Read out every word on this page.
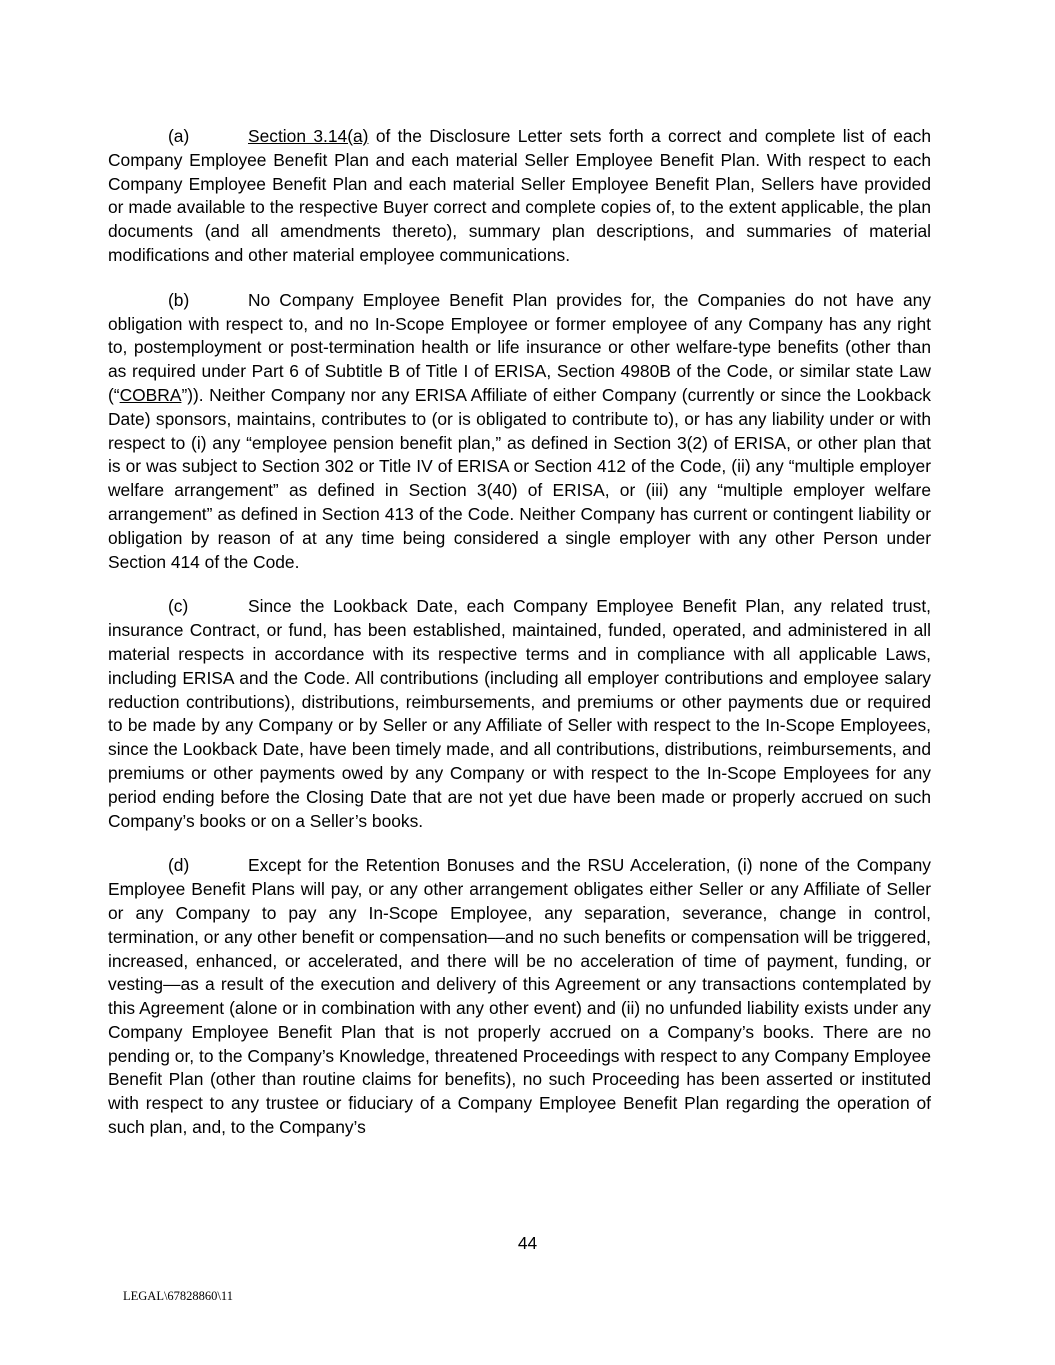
(a)	Section 3.14(a) of the Disclosure Letter sets forth a correct and complete list of each Company Employee Benefit Plan and each material Seller Employee Benefit Plan. With respect to each Company Employee Benefit Plan and each material Seller Employee Benefit Plan, Sellers have provided or made available to the respective Buyer correct and complete copies of, to the extent applicable, the plan documents (and all amendments thereto), summary plan descriptions, and summaries of material modifications and other material employee communications.

(b)	No Company Employee Benefit Plan provides for, the Companies do not have any obligation with respect to, and no In-Scope Employee or former employee of any Company has any right to, postemployment or post-termination health or life insurance or other welfare-type benefits (other than as required under Part 6 of Subtitle B of Title I of ERISA, Section 4980B of the Code, or similar state Law (“COBRA”)). Neither Company nor any ERISA Affiliate of either Company (currently or since the Lookback Date) sponsors, maintains, contributes to (or is obligated to contribute to), or has any liability under or with respect to (i) any “employee pension benefit plan,” as defined in Section 3(2) of ERISA, or other plan that is or was subject to Section 302 or Title IV of ERISA or Section 412 of the Code, (ii) any “multiple employer welfare arrangement” as defined in Section 3(40) of ERISA, or (iii) any “multiple employer welfare arrangement” as defined in Section 413 of the Code. Neither Company has current or contingent liability or obligation by reason of at any time being considered a single employer with any other Person under Section 414 of the Code.

(c)	Since the Lookback Date, each Company Employee Benefit Plan, any related trust, insurance Contract, or fund, has been established, maintained, funded, operated, and administered in all material respects in accordance with its respective terms and in compliance with all applicable Laws, including ERISA and the Code. All contributions (including all employer contributions and employee salary reduction contributions), distributions, reimbursements, and premiums or other payments due or required to be made by any Company or by Seller or any Affiliate of Seller with respect to the In-Scope Employees, since the Lookback Date, have been timely made, and all contributions, distributions, reimbursements, and premiums or other payments owed by any Company or with respect to the In-Scope Employees for any period ending before the Closing Date that are not yet due have been made or properly accrued on such Company’s books or on a Seller’s books.

(d)	Except for the Retention Bonuses and the RSU Acceleration, (i) none of the Company Employee Benefit Plans will pay, or any other arrangement obligates either Seller or any Affiliate of Seller or any Company to pay any In-Scope Employee, any separation, severance, change in control, termination, or any other benefit or compensation—and no such benefits or compensation will be triggered, increased, enhanced, or accelerated, and there will be no acceleration of time of payment, funding, or vesting—as a result of the execution and delivery of this Agreement or any transactions contemplated by this Agreement (alone or in combination with any other event) and (ii) no unfunded liability exists under any Company Employee Benefit Plan that is not properly accrued on a Company’s books. There are no pending or, to the Company’s Knowledge, threatened Proceedings with respect to any Company Employee Benefit Plan (other than routine claims for benefits), no such Proceeding has been asserted or instituted with respect to any trustee or fiduciary of a Company Employee Benefit Plan regarding the operation of such plan, and, to the Company’s

44
LEGAL\67828860\11
